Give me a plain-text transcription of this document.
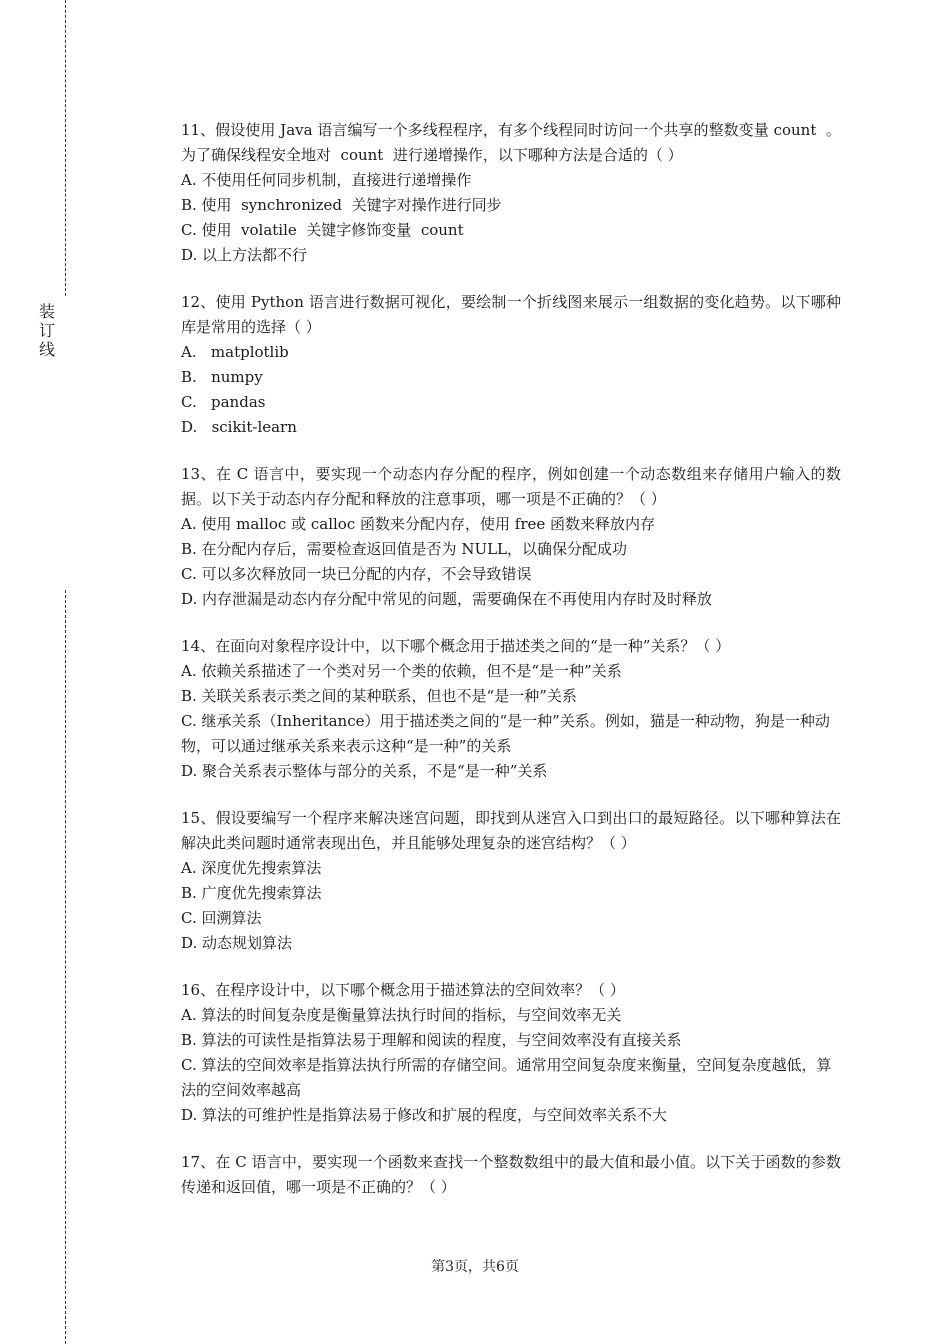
装
订
线

11、假设使用 Java 语言编写一个多线程程序，有多个线程同时访问一个共享的整数变量 count  。为了确保线程安全地对  count  进行递增操作，以下哪种方法是合适的（ ）

A. 不使用任何同步机制，直接进行递增操作

B. 使用  synchronized  关键字对操作进行同步

C. 使用  volatile  关键字修饰变量  count

D. 以上方法都不行

12、使用 Python 语言进行数据可视化，要绘制一个折线图来展示一组数据的变化趋势。以下哪种库是常用的选择（ ）

A.   matplotlib

B.   numpy

C.   pandas

D.   scikit-learn

13、在 C 语言中，要实现一个动态内存分配的程序，例如创建一个动态数组来存储用户输入的数据。以下关于动态内存分配和释放的注意事项，哪一项是不正确的？（ ）

A. 使用 malloc 或 calloc 函数来分配内存，使用 free 函数来释放内存

B. 在分配内存后，需要检查返回值是否为 NULL，以确保分配成功

C. 可以多次释放同一块已分配的内存，不会导致错误

D. 内存泄漏是动态内存分配中常见的问题，需要确保在不再使用内存时及时释放

14、在面向对象程序设计中，以下哪个概念用于描述类之间的“是一种”关系？（ ）

A. 依赖关系描述了一个类对另一个类的依赖，但不是“是一种”关系

B. 关联关系表示类之间的某种联系，但也不是“是一种”关系

C. 继承关系（Inheritance）用于描述类之间的“是一种”关系。例如，猫是一种动物，狗是一种动物，可以通过继承关系来表示这种“是一种”的关系

D. 聚合关系表示整体与部分的关系，不是“是一种”关系

15、假设要编写一个程序来解决迷宫问题，即找到从迷宫入口到出口的最短路径。以下哪种算法在解决此类问题时通常表现出色，并且能够处理复杂的迷宫结构？（ ）

A. 深度优先搜索算法

B. 广度优先搜索算法

C. 回溯算法

D. 动态规划算法

16、在程序设计中，以下哪个概念用于描述算法的空间效率？（ ）

A. 算法的时间复杂度是衡量算法执行时间的指标，与空间效率无关

B. 算法的可读性是指算法易于理解和阅读的程度，与空间效率没有直接关系

C. 算法的空间效率是指算法执行所需的存储空间。通常用空间复杂度来衡量，空间复杂度越低，算法的空间效率越高

D. 算法的可维护性是指算法易于修改和扩展的程度，与空间效率关系不大

17、在 C 语言中，要实现一个函数来查找一个整数数组中的最大值和最小值。以下关于函数的参数传递和返回值，哪一项是不正确的？（ ）

第3页，共6页
